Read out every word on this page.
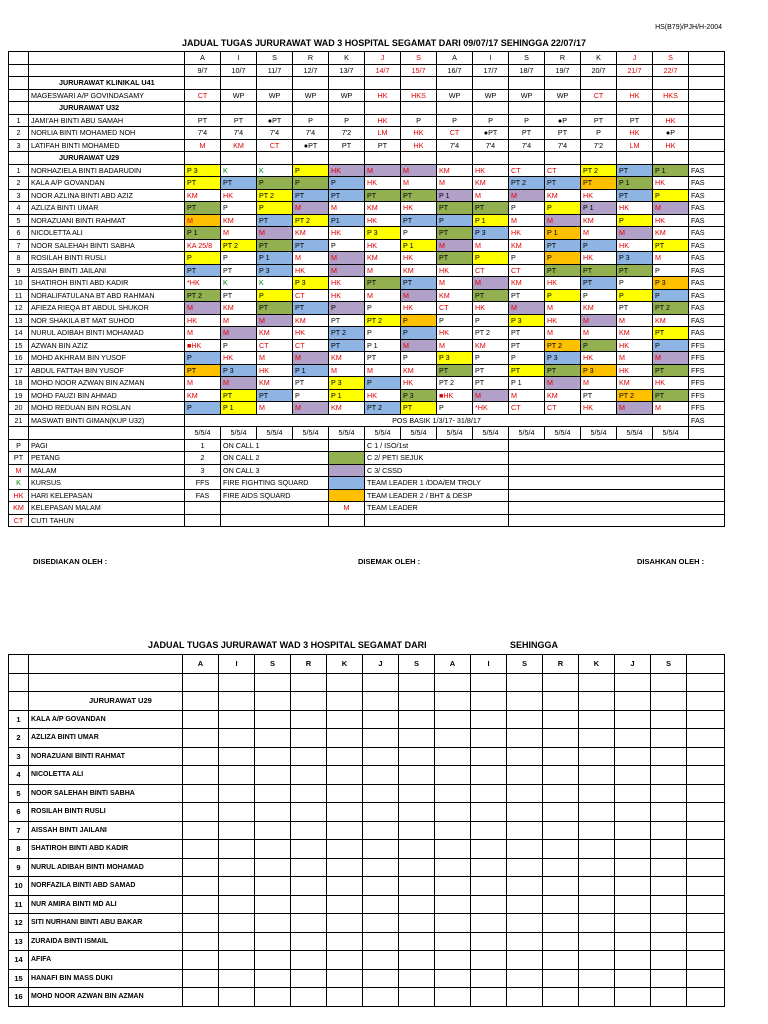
HS(B79)/PJH/H-2004
JADUAL TUGAS JURURAWAT WAD 3 HOSPITAL SEGAMAT DARI 09/07/17 SEHINGGA 22/07/17
		A	I	S	R	K	J	S	A	I	S	R	K	J	S	
		9/7	10/7	11/7	12/7	13/7	14/7	15/7	16/7	17/7	18/7	19/7	20/7	21/7	22/7	
	JURURAWAT KLINIKAL U41															
	MAGESWARI A/P GOVINDASAMY	CT	WP	WP	WP	WP	HK	HKS	WP	WP	WP	WP	CT	HK	HKS	
	JURURAWAT U32															
1	JAMI'AH BINTI ABU SAMAH	PT	PT	●PT	P	P	HK	P	P	P	P	●P	PT	PT	HK	
2	NORLIA BINTI MOHAMED NOH	7'4	7'4	7'4	7'4	7'2	LM	HK	CT	●PT	PT	PT	P	HK	●P	
3	LATIFAH BINTI MOHAMED	M	KM	CT	●PT	PT	PT	HK	7'4	7'4	7'4	7'4	7'2	LM	HK	
	JURURAWAT U29															
1	NORHAZIELA BINTI BADARUDIN	P 3	K	K	P	HK	M	M	KM	HK	CT	CT	PT 2	PT	P 1	FAS
2	KALA A/P GOVANDAN	PT	PT	P	P	P	HK	M	M	KM	PT 2	PT	PT	P 1	HK	FAS
3	NOOR AZLINA BINTI ABD AZIZ	KM	HK	PT 2	PT	PT	PT	PT	P 1	M	M	KM	HK	PT	P	FAS
4	AZLIZA BINTI UMAR	PT	P	P	M	M	KM	HK	PT	PT	P	P	P 1	HK	M	FAS
5	NORAZUANI BINTI RAHMAT	M	KM	PT	PT 2	P1	HK	PT	P	P 1	M	M	KM	P	HK	FAS
6	NICOLETTA ALI	P 1	M	M	KM	HK	P 3	P	PT	P 3	HK	P 1	M	M	KM	FAS
7	NOOR SALEHAH BINTI SABHA	KA 25/8	PT 2	PT	PT	P	HK	P 1	M	M	KM	PT	P	HK	PT	FAS
8	ROSILAH BINTI RUSLI	P	P	P 1	M	M	KM	HK	PT	P	P	P	HK	P 3	M	FAS
9	AISSAH BINTI JAILANI	PT	PT	P 3	HK	M	M	KM	HK	CT	CT	PT	PT	PT	P	FAS
10	SHATIROH BINTI ABD KADIR	*HK	K	K	P 3	HK	PT	PT	M	M	KM	HK	PT	P	P 3	FAS
11	NORALIFATULANA BT ABD RAHMAN	PT 2	PT	P	CT	HK	M	M	KM	PT	PT	P	P	P	P	FAS
12	AFIEZA RIEQA BT ABDUL SHUKOR	M	KM	PT	PT	P	P	HK	CT	HK	M	M	KM	PT	PT 2	FAS
13	NOR SHAKILA BT MAT SUHOD	HK	M	M	KM	PT	PT 2	P	P	P	P 3	HK	M	M	KM	FAS
14	NURUL ADIBAH BINTI MOHAMAD	M	M	KM	HK	PT 2	P	P	HK	PT 2	PT	M	M	KM	PT	FAS
15	AZWAN BIN AZIZ	■HK	P	CT	CT	PT	P 1	M	M	KM	PT	PT 2	P	HK	P	FFS
16	MOHD AKHRAM BIN YUSOF	P	HK	M	M	KM	PT	P	P 3	P	P	P 3	HK	M	M	FFS
17	ABDUL FATTAH BIN YUSOF	PT	P 3	HK	P 1	M	M	KM	PT	PT	PT	PT	P 3	HK	PT	FFS
18	MOHD NOOR AZWAN BIN AZMAN	M	M	KM	PT	P 3	P	HK	PT 2	PT	P 1	M	M	KM	HK	FFS
19	MOHD FAUZI BIN AHMAD	KM	PT	PT	P	P 1	HK	P 3	■HK	M	M	KM	PT	PT 2	PT	FFS
20	MOHD REDUAN BIN ROSLAN	P	P 1	M	M	KM	PT 2	PT	P	*HK	CT	CT	HK	M	M	FFS
21	MASWATI BINTI GIMAN(KUP U32)	POS BASIK 1/3/17- 31/8/17														FAS
		5/5/4	5/5/4	5/5/4	5/5/4	5/5/4	5/5/4	5/5/4	5/5/4	5/5/4	5/5/4	5/5/4	5/5/4	5/5/4	5/5/4	
P	PAGI	1	ON CALL 1				C 1 / ISO/1st									
PT	PETANG	2	ON CALL 2				C 2/ PETI SEJUK									
M	MALAM	3	ON CALL 3				C 3/ CSSD									
K	KURSUS	FFS	FIRE FIGHTING SQUARD				TEAM LEADER 1 /DDA/EM TROLY									
HK	HARI KELEPASAN	FAS	FIRE AIDS SQUARD				TEAM LEADER 2 / BHT & DESP									
KM	KELEPASAN MALAM					M	TEAM LEADER									
CT	CUTI TAHUN															
DISEDIAKAN OLEH :	DISEMAK OLEH :	DISAHKAN OLEH :
JADUAL TUGAS JURURAWAT WAD 3 HOSPITAL SEGAMAT DARI	SEHINGGA
		A	I	S	R	K	J	S	A	I	S	R	K	J	S	

	JURURAWAT U29															
1	KALA A/P GOVANDAN															
2	AZLIZA BINTI UMAR															
3	NORAZUANI BINTI RAHMAT															
4	NICOLETTA ALI															
5	NOOR SALEHAH BINTI SABHA															
6	ROSILAH BINTI RUSLI															
7	AISSAH BINTI JAILANI															
8	SHATIROH BINTI ABD KADIR															
9	NURUL ADIBAH BINTI MOHAMAD															
10	NORFAZILA BINTI ABD SAMAD															
11	NUR AMIRA BINTI MD ALI															
12	SITI NURHANI BINTI ABU BAKAR															
13	ZURAIDA BINTI ISMAIL															
14	AFIFA															
15	HANAFI BIN MASS DUKI															
16	MOHD NOOR AZWAN BIN AZMAN															
